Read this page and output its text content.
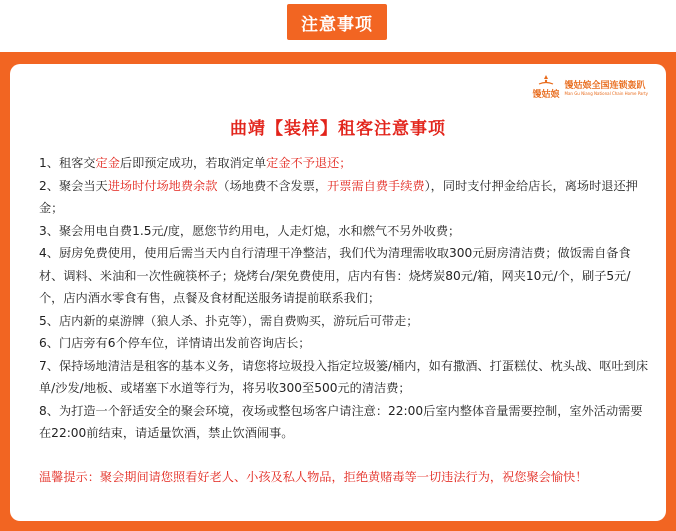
注意事项
馒姑娘
馒姑娘全国连锁轰趴
Man Gu Niang National Chain Home Party
曲靖【装样】租客注意事项

1、租客交定金后即预定成功，若取消定单定金不予退还；

2、聚会当天进场时付场地费余款（场地费不含发票，开票需自费手续费），同时支付押金给店长，离场时退还押金；

3、聚会用电自费1.5元/度，愿您节约用电，人走灯熄，水和燃气不另外收费；

4、厨房免费使用，使用后需当天内自行清理干净整洁，我们代为清理需收取300元厨房清洁费；做饭需自备食材、调料、米油和一次性碗筷杯子；烧烤台/架免费使用，店内有售：烧烤炭80元/箱，网夹10元/个，刷子5元/个，店内酒水零食有售，点餐及食材配送服务请提前联系我们；

5、店内新的桌游牌（狼人杀、扑克等），需自费购买，游玩后可带走；

6、门店旁有6个停车位，详情请出发前咨询店长；

7、保持场地清洁是租客的基本义务，请您将垃圾投入指定垃圾篓/桶内，如有撒酒、打蛋糕仗、枕头战、呕吐到床单/沙发/地板、或堵塞下水道等行为，将另收300至500元的清洁费；

8、为打造一个舒适安全的聚会环境，夜场或整包场客户请注意：22:00后室内整体音量需要控制，室外活动需要在22:00前结束，请适量饮酒，禁止饮酒闹事。

温馨提示：聚会期间请您照看好老人、小孩及私人物品，拒绝黄赌毒等一切违法行为，祝您聚会愉快！
